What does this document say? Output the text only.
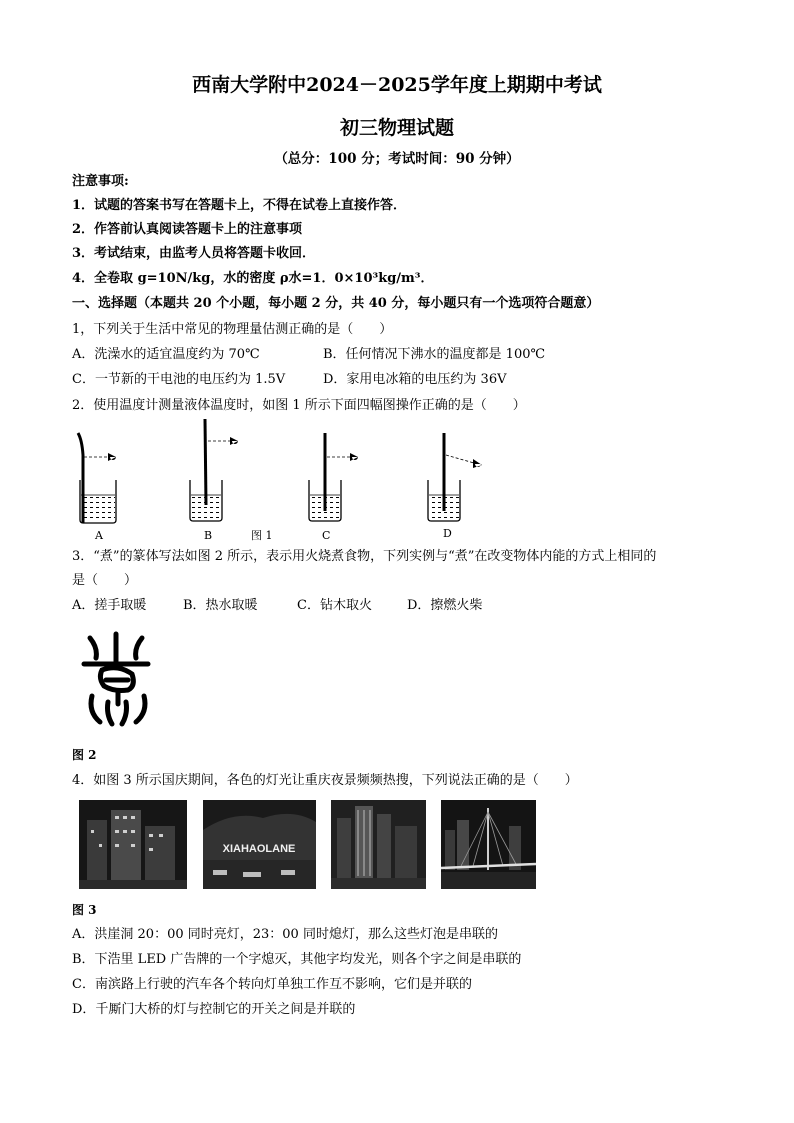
西南大学附中2024－2025学年度上期期中考试
初三物理试题
（总分：100 分；考试时间：90 分钟）
注意事项:
1．试题的答案书写在答题卡上，不得在试卷上直接作答．
2．作答前认真阅读答题卡上的注意事项
3．考试结束，由监考人员将答题卡收回．
4．全卷取 g=10N/kg，水的密度 ρ水=1．0×10³kg/m³．
一、选择题（本题共 20 个小题，每小题 2 分，共 40 分，每小题只有一个选项符合题意）
1，下列关于生活中常见的物理量估测正确的是（　　）
A．洗澡水的适宜温度约为 70℃	B．任何情况下沸水的温度都是 100℃
C．一节新的干电池的电压约为 1.5V	D．家用电冰箱的电压约为 36V
2．使用温度计测量液体温度时，如图 1 所示下面四幅图操作正确的是（　　）
A	B	图 1	C	D
3．“煮”的篆体写法如图 2 所示，表示用火烧煮食物，下列实例与“煮”在改变物体内能的方式上相同的
是（　　）
A．搓手取暖	B．热水取暖	C．钻木取火	D．擦燃火柴
图 2
4．如图 3 所示国庆期间，各色的灯光让重庆夜景频频热搜，下列说法正确的是（　　）
XIAHAOLANE
图 3
A．洪崖洞 20：00 同时亮灯，23：00 同时熄灯，那么这些灯泡是串联的
B．下浩里 LED 广告牌的一个字熄灭，其他字均发光，则各个字之间是串联的
C．南滨路上行驶的汽车各个转向灯单独工作互不影响，它们是并联的
D．千厮门大桥的灯与控制它的开关之间是并联的
